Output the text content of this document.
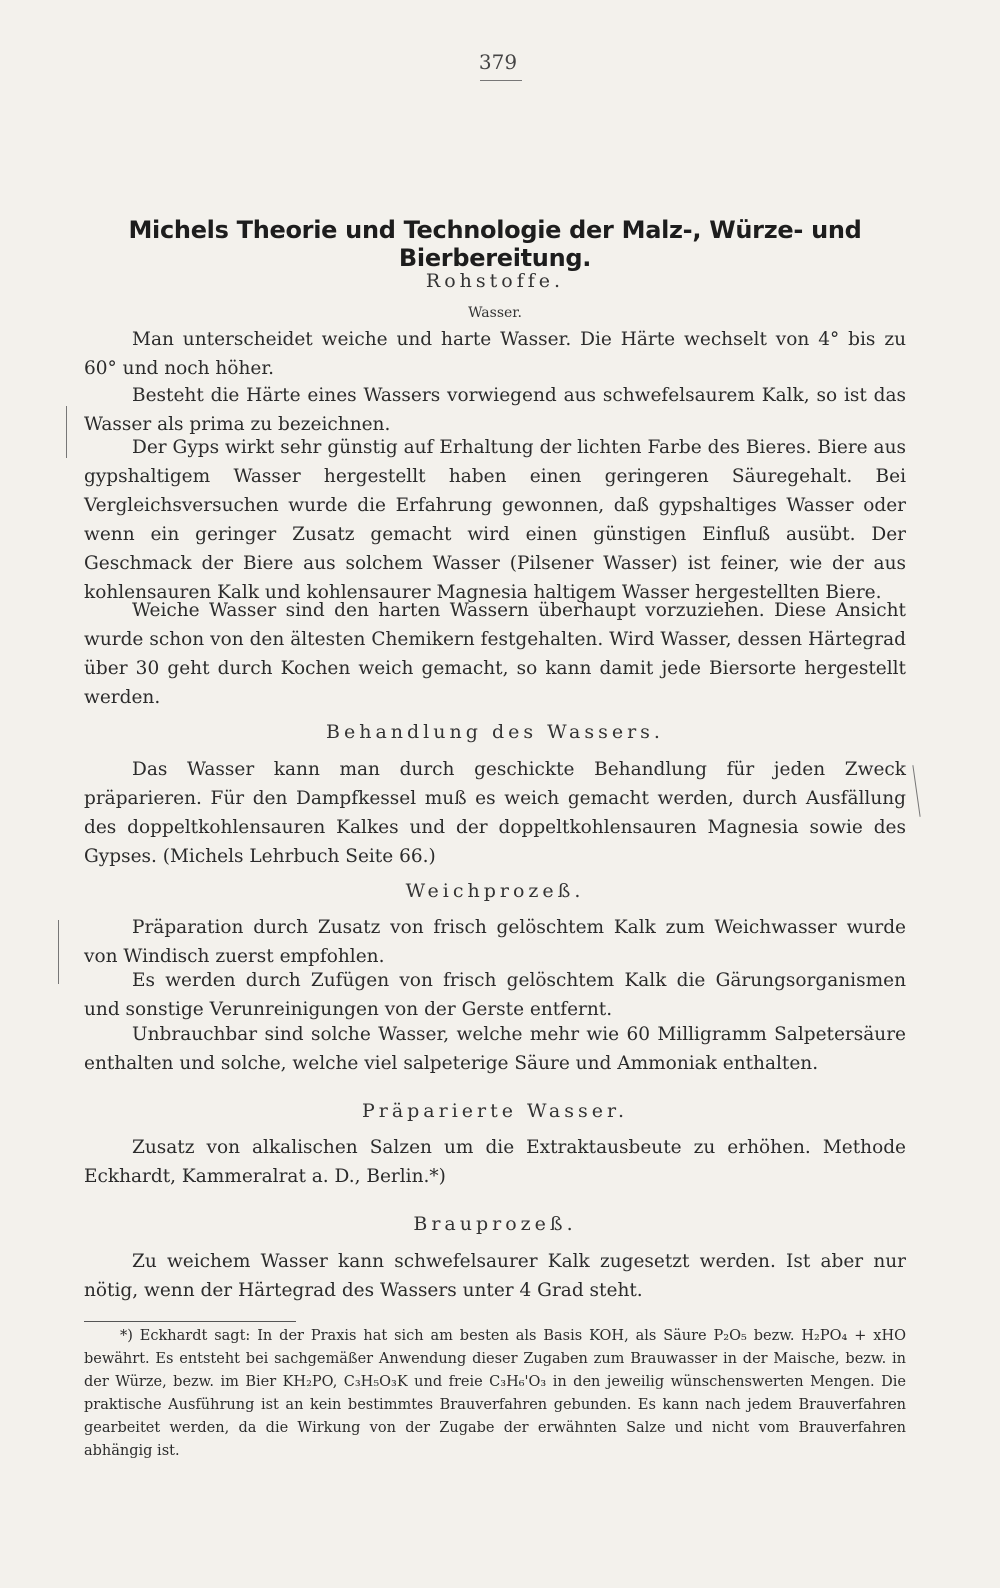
379
Michels Theorie und Technologie der Malz-, Würze- und Bierbereitung.
Rohstoffe.
Wasser.

Man unterscheidet weiche und harte Wasser. Die Härte wechselt von 4° bis zu 60° und noch höher.

Besteht die Härte eines Wassers vorwiegend aus schwefelsaurem Kalk, so ist das Wasser als prima zu bezeichnen.

Der Gyps wirkt sehr günstig auf Erhaltung der lichten Farbe des Bieres. Biere aus gypshaltigem Wasser hergestellt haben einen geringeren Säuregehalt. Bei Vergleichsversuchen wurde die Erfahrung gewonnen, daß gypshaltiges Wasser oder wenn ein geringer Zusatz gemacht wird einen günstigen Einfluß ausübt. Der Geschmack der Biere aus solchem Wasser (Pilsener Wasser) ist feiner, wie der aus kohlensauren Kalk und kohlensaurer Magnesia haltigem Wasser hergestellten Biere.

Weiche Wasser sind den harten Wassern überhaupt vorzuziehen. Diese Ansicht wurde schon von den ältesten Chemikern festgehalten. Wird Wasser, dessen Härtegrad über 30 geht durch Kochen weich gemacht, so kann damit jede Biersorte hergestellt werden.

Behandlung des Wassers.

Das Wasser kann man durch geschickte Behandlung für jeden Zweck präparieren. Für den Dampfkessel muß es weich gemacht werden, durch Ausfällung des doppeltkohlensauren Kalkes und der doppeltkohlensauren Magnesia sowie des Gypses. (Michels Lehrbuch Seite 66.)

Weichprozeß.

Präparation durch Zusatz von frisch gelöschtem Kalk zum Weichwasser wurde von Windisch zuerst empfohlen.

Es werden durch Zufügen von frisch gelöschtem Kalk die Gärungsorganismen und sonstige Verunreinigungen von der Gerste entfernt.

Unbrauchbar sind solche Wasser, welche mehr wie 60 Milligramm Salpetersäure enthalten und solche, welche viel salpeterige Säure und Ammoniak enthalten.

Präparierte Wasser.

Zusatz von alkalischen Salzen um die Extraktausbeute zu erhöhen. Methode Eckhardt, Kammeralrat a. D., Berlin.*)

Brauprozeß.

Zu weichem Wasser kann schwefelsaurer Kalk zugesetzt werden. Ist aber nur nötig, wenn der Härtegrad des Wassers unter 4 Grad steht.

*) Eckhardt sagt: In der Praxis hat sich am besten als Basis KOH, als Säure P₂O₅ bezw. H₂PO₄ + xHO bewährt. Es entsteht bei sachgemäßer Anwendung dieser Zugaben zum Brauwasser in der Maische, bezw. in der Würze, bezw. im Bier KH₂PO, C₃H₅O₃K und freie C₃H₆'O₃ in den jeweilig wünschenswerten Mengen. Die praktische Ausführung ist an kein bestimmtes Brauverfahren gebunden. Es kann nach jedem Brauverfahren gearbeitet werden, da die Wirkung von der Zugabe der erwähnten Salze und nicht vom Brauverfahren abhängig ist.
